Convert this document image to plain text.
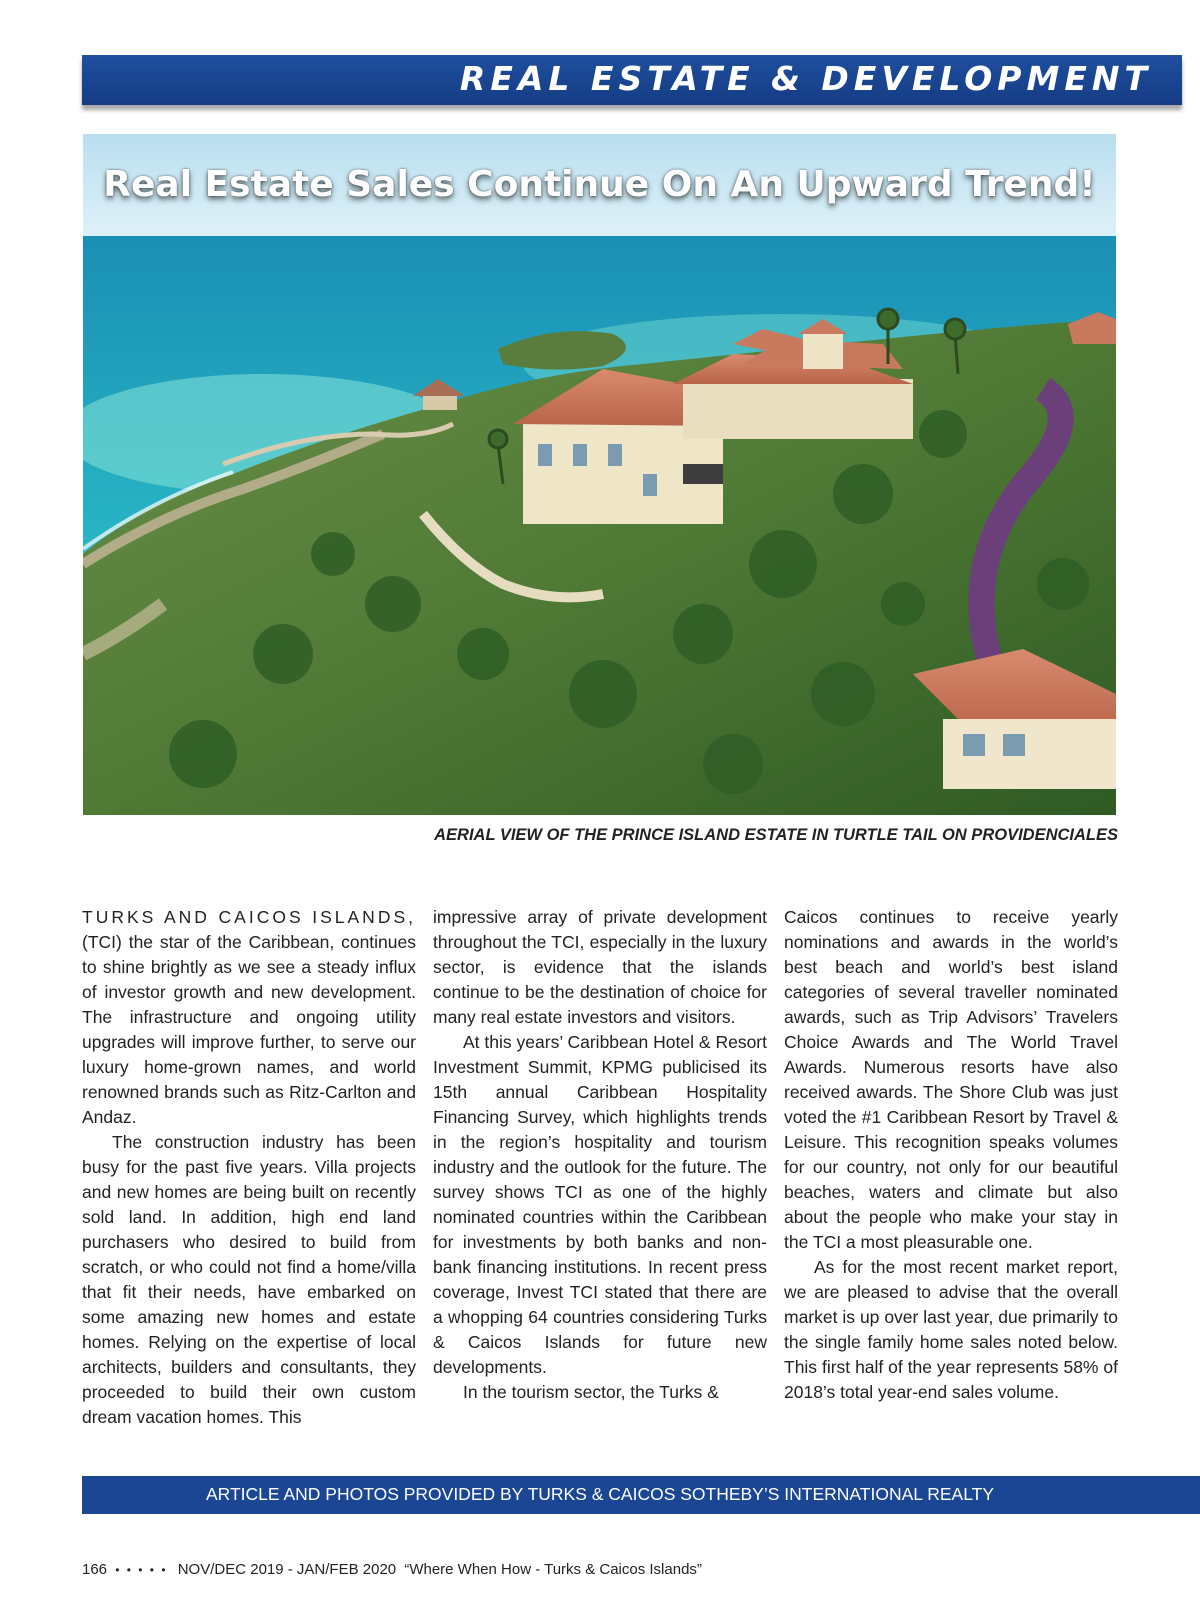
REAL ESTATE & DEVELOPMENT
Real Estate Sales Continue On An Upward Trend!
AERIAL VIEW OF THE PRINCE ISLAND ESTATE IN TURTLE TAIL ON PROVIDENCIALES

TURKS AND CAICOS ISLANDS, (TCI) the star of the Caribbean, continues to shine brightly as we see a steady influx of investor growth and new development. The infrastructure and ongoing utility upgrades will improve further, to serve our luxury home-grown names, and world renowned brands such as Ritz-Carlton and Andaz.

The construction industry has been busy for the past five years. Villa projects and new homes are being built on recently sold land. In addition, high end land purchasers who desired to build from scratch, or who could not find a home/villa that fit their needs, have embarked on some amazing new homes and estate homes. Relying on the expertise of local architects, builders and consultants, they proceeded to build their own custom dream vacation homes. This

impressive array of private development throughout the TCI, especially in the luxury sector, is evidence that the islands continue to be the destination of choice for many real estate investors and visitors.

At this years’ Caribbean Hotel & Resort Investment Summit, KPMG publicised its 15th annual Caribbean Hospitality Financing Survey, which highlights trends in the region’s hospitality and tourism industry and the outlook for the future. The survey shows TCI as one of the highly nominated countries within the Caribbean for investments by both banks and non-bank financing institutions. In recent press coverage, Invest TCI stated that there are a whopping 64 countries considering Turks & Caicos Islands for future new developments.

In the tourism sector, the Turks &

Caicos continues to receive yearly nominations and awards in the world’s best beach and world’s best island categories of several traveller nominated awards, such as Trip Advisors’ Travelers Choice Awards and The World Travel Awards. Numerous resorts have also received awards. The Shore Club was just voted the #1 Caribbean Resort by Travel & Leisure. This recognition speaks volumes for our country, not only for our beautiful beaches, waters and climate but also about the people who make your stay in the TCI a most pleasurable one.

As for the most recent market report, we are pleased to advise that the overall market is up over last year, due primarily to the single family home sales noted below. This first half of the year represents 58% of 2018’s total year-end sales volume.

ARTICLE AND PHOTOS PROVIDED BY TURKS & CAICOS SOTHEBY’S INTERNATIONAL REALTY
166 • • • • • NOV/DEC 2019 - JAN/FEB 2020 “Where When How - Turks & Caicos Islands”
